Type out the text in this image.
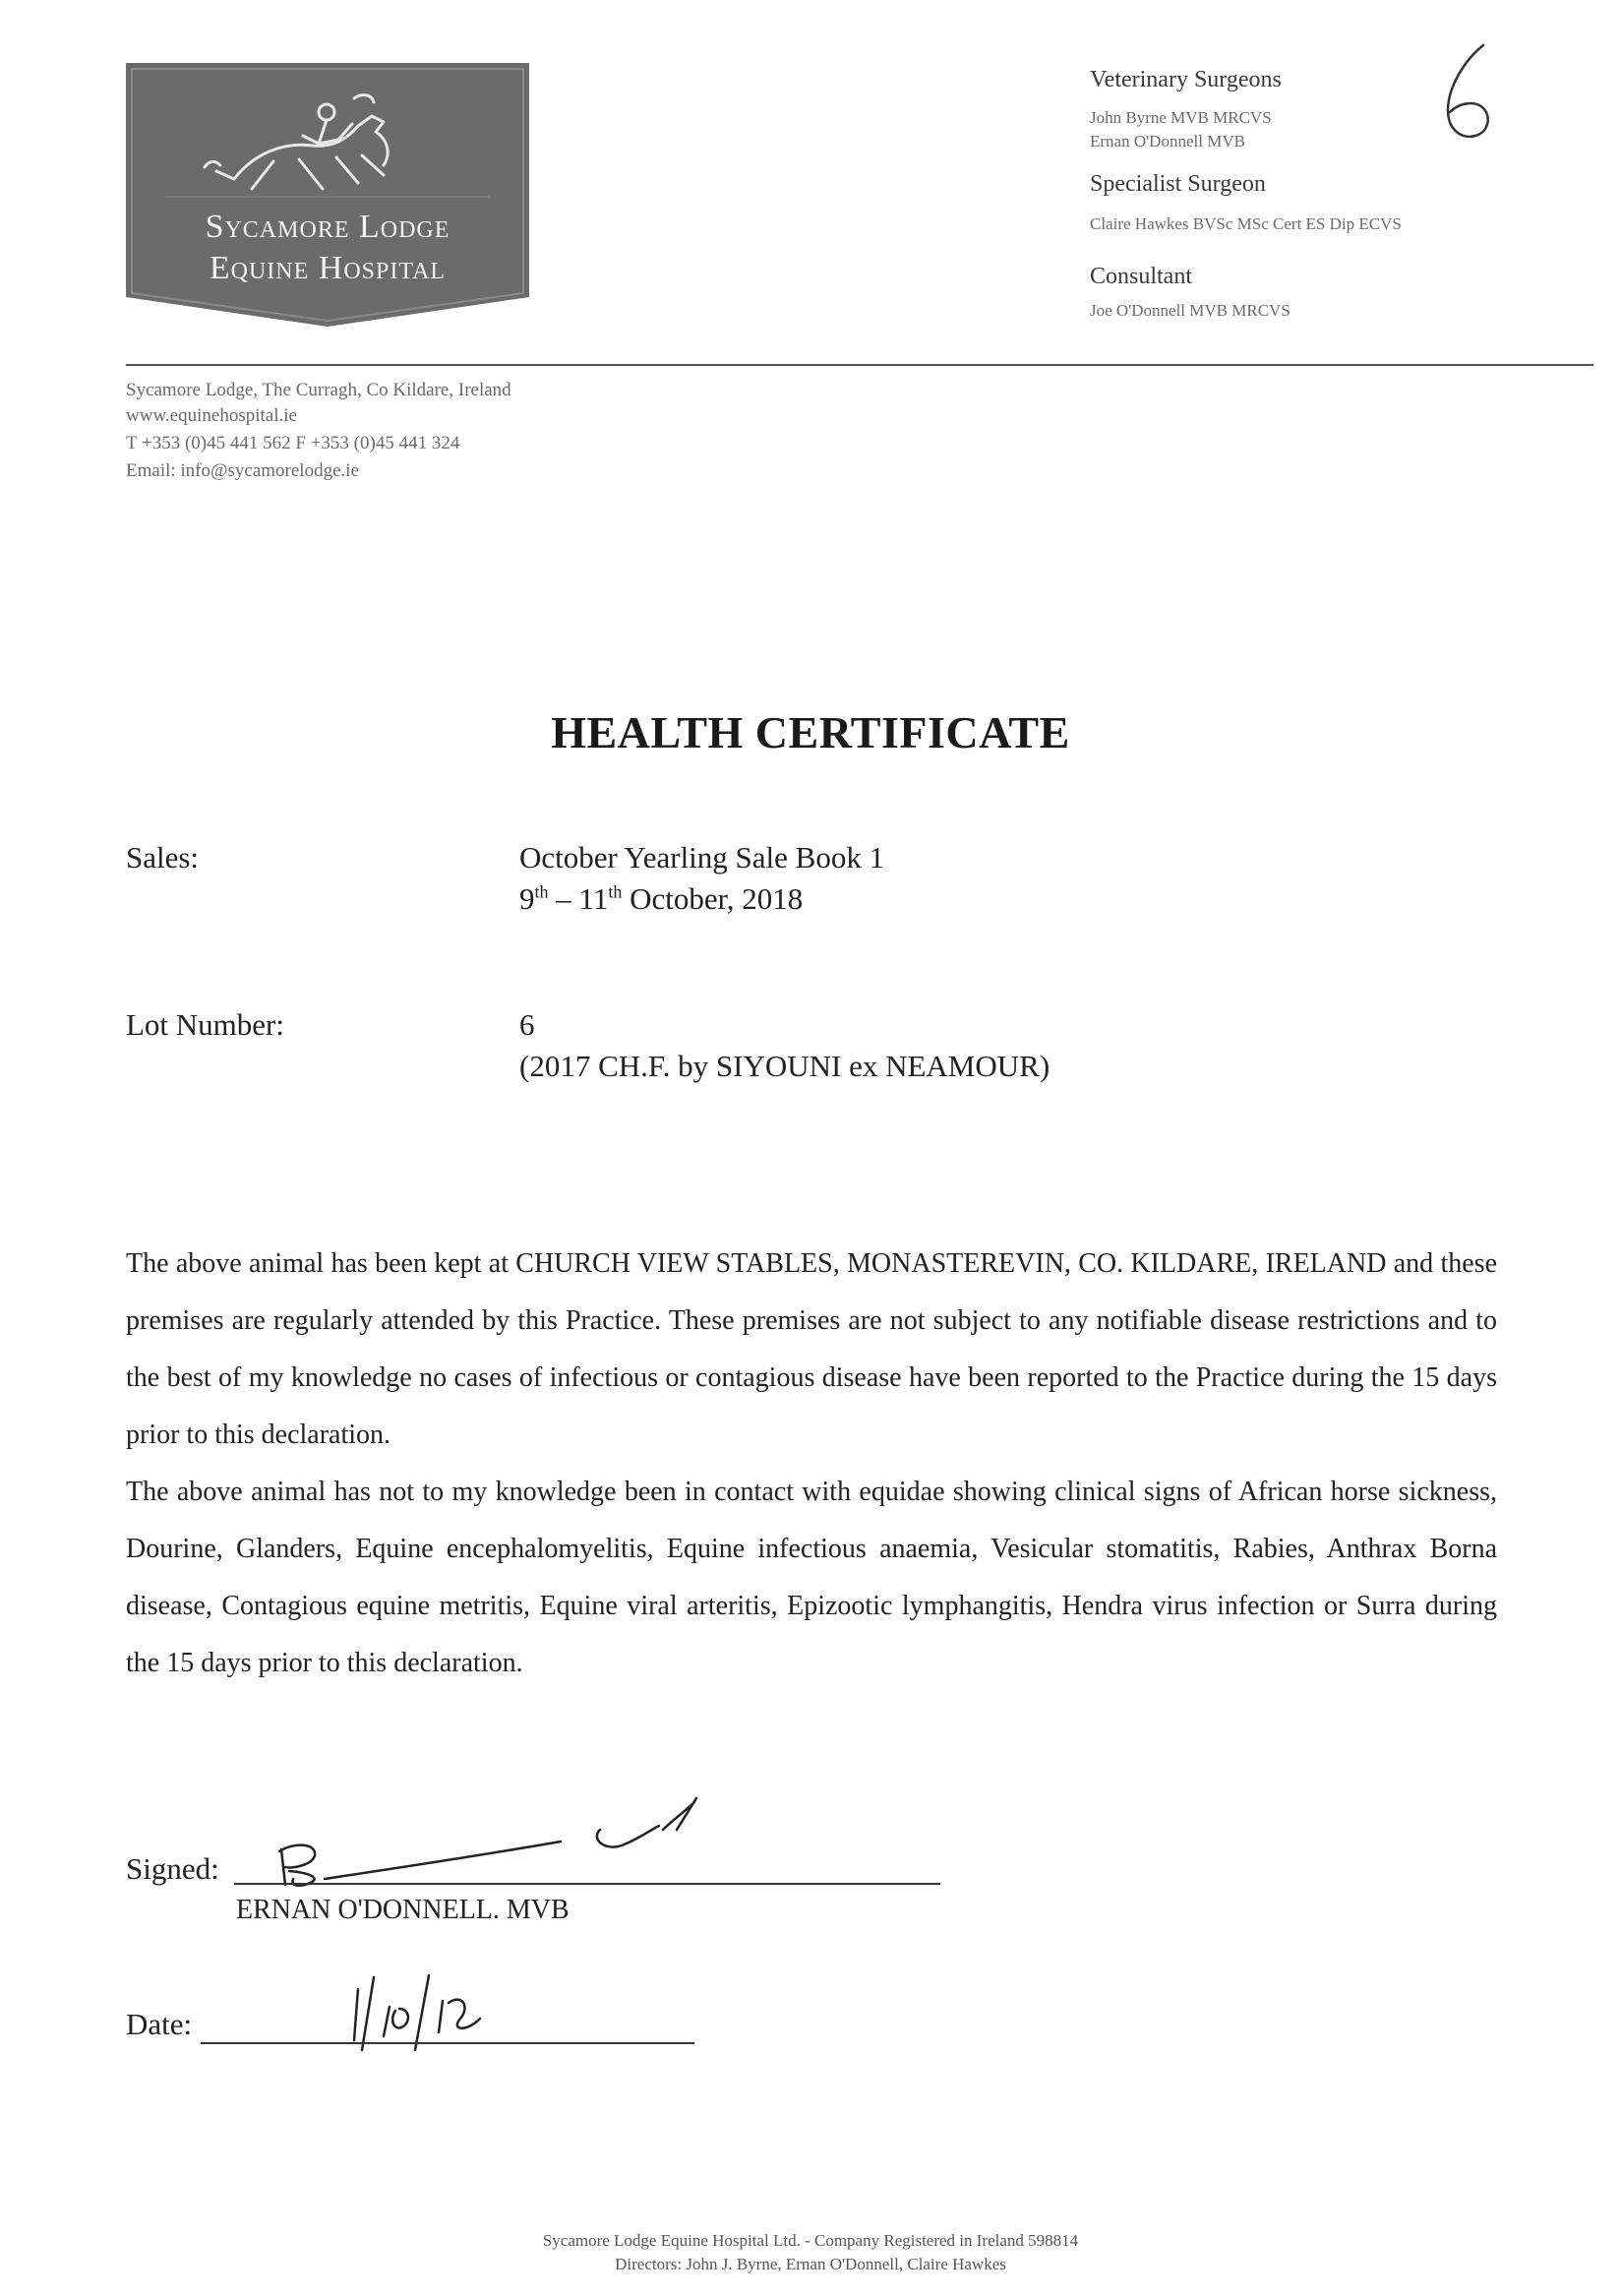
Sycamore Lodge
Equine Hospital
Veterinary Surgeons
John Byrne MVB MRCVS
Ernan O'Donnell MVB
Specialist Surgeon
Claire Hawkes BVSc MSc Cert ES Dip ECVS
Consultant
Joe O'Donnell MVB MRCVS
Sycamore Lodge, The Curragh, Co Kildare, Ireland
www.equinehospital.ie
T +353 (0)45 441 562 F +353 (0)45 441 324
Email: info@sycamorelodge.ie
HEALTH CERTIFICATE
Sales:	October Yearling Sale Book 1
9th – 11th October, 2018
Lot Number:	6
(2017 CH.F. by SIYOUNI ex NEAMOUR)

The above animal has been kept at CHURCH VIEW STABLES, MONASTEREVIN, CO. KILDARE, IRELAND and these premises are regularly attended by this Practice. These premises are not subject to any notifiable disease restrictions and to the best of my knowledge no cases of infectious or contagious disease have been reported to the Practice during the 15 days prior to this declaration.

The above animal has not to my knowledge been in contact with equidae showing clinical signs of African horse sickness, Dourine, Glanders, Equine encephalomyelitis, Equine infectious anaemia, Vesicular stomatitis, Rabies, Anthrax Borna disease, Contagious equine metritis, Equine viral arteritis, Epizootic lymphangitis, Hendra virus infection or Surra during the 15 days prior to this declaration.

Signed:
ERNAN O'DONNELL. MVB
Date:
Sycamore Lodge Equine Hospital Ltd. - Company Registered in Ireland 598814
Directors: John J. Byrne, Ernan O'Donnell, Claire Hawkes
